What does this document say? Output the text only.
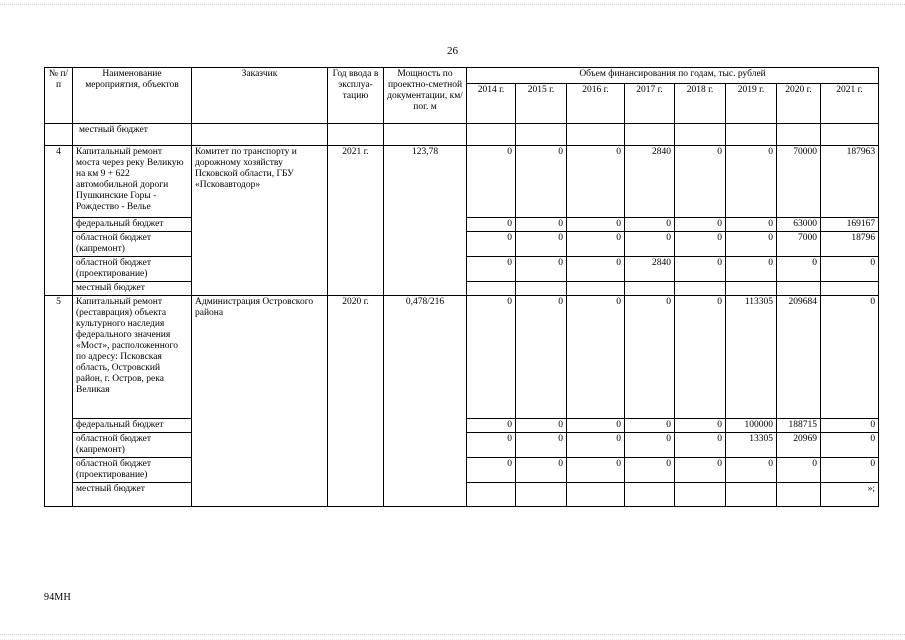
26
№ п/п	Наименование мероприятия, объектов	Заказчик	Год ввода в эксплуа-тацию	Мощность по проектно-сметной документации, км/пог. м	Объем финансирования по годам, тыс. рублей							
					2014 г.	2015 г.	2016 г.	2017 г.	2018 г.	2019 г.	2020 г.	2021 г.
	местный бюджет											
4	Капитальный ремонт моста через реку Великую на км 9 + 622 автомобильной дороги Пушкинские Горы - Рождество - Велье	Комитет по транспорту и дорожному хозяйству Псковской области, ГБУ «Псковавтодор»	2021 г.	123,78	0	0	0	2840	0	0	70000	187963
	федеральный бюджет				0	0	0	0	0	0	63000	169167
	областной бюджет (капремонт)				0	0	0	0	0	0	7000	18796
	областной бюджет (проектирование)				0	0	0	2840	0	0	0	0
	местный бюджет											
5	Капитальный ремонт (реставрация) объекта культурного наследия федерального значения «Мост», расположенного по адресу: Псковская область, Островский район, г. Остров, река Великая	Администрация Островского района	2020 г.	0,478/216	0	0	0	0	0	113305	209684	0
	федеральный бюджет				0	0	0	0	0	100000	188715	0
	областной бюджет (капремонт)				0	0	0	0	0	13305	20969	0
	областной бюджет (проектирование)				0	0	0	0	0	0	0	0
	местный бюджет											»;
94МН
